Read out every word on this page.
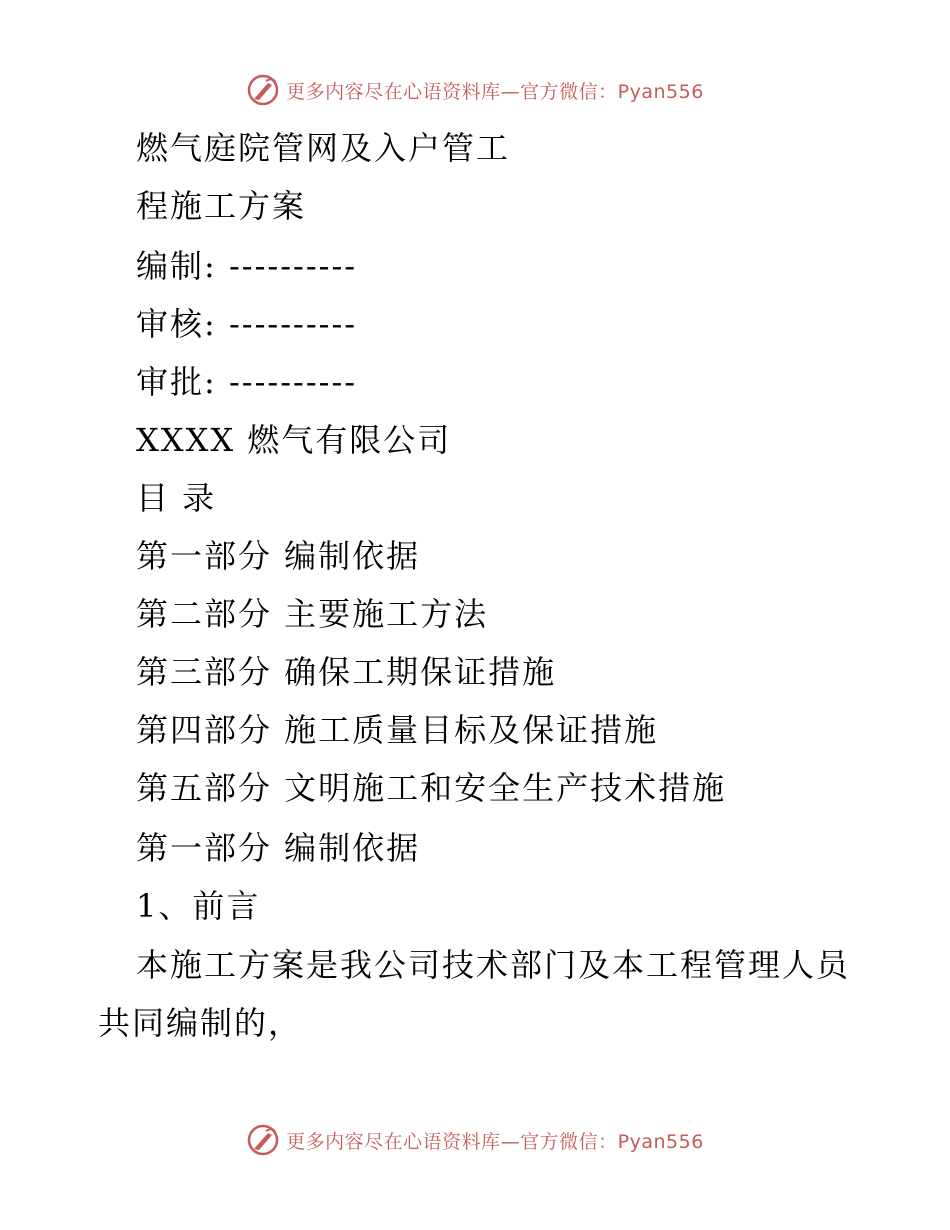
更多内容尽在心语资料库—官方微信：Pyan556
燃气庭院管网及入户管工
程施工方案
编制: ----------
审核: ----------
审批: ----------
XXXX 燃气有限公司
目 录
第一部分 编制依据
第二部分 主要施工方法
第三部分 确保工期保证措施
第四部分 施工质量目标及保证措施
第五部分 文明施工和安全生产技术措施
第一部分 编制依据
1、前言
本施工方案是我公司技术部门及本工程管理人员共同编制的，
更多内容尽在心语资料库—官方微信：Pyan556
